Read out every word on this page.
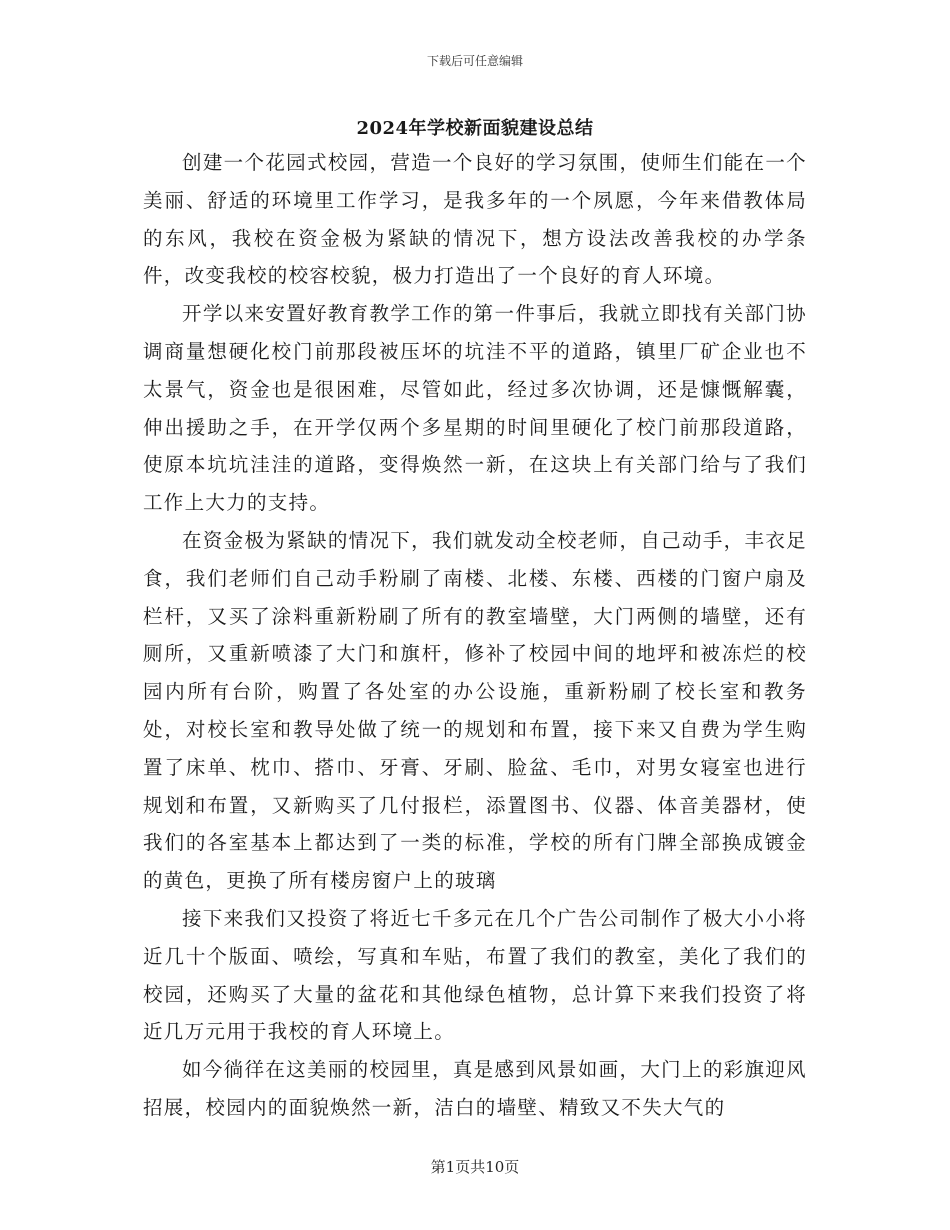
下载后可任意编辑
2024年学校新面貌建设总结

创建一个花园式校园，营造一个良好的学习氛围，使师生们能在一个美丽、舒适的环境里工作学习，是我多年的一个夙愿，今年来借教体局的东风，我校在资金极为紧缺的情况下，想方设法改善我校的办学条件，改变我校的校容校貌，极力打造出了一个良好的育人环境。

开学以来安置好教育教学工作的第一件事后，我就立即找有关部门协调商量想硬化校门前那段被压坏的坑洼不平的道路，镇里厂矿企业也不太景气，资金也是很困难，尽管如此，经过多次协调，还是慷慨解囊，伸出援助之手，在开学仅两个多星期的时间里硬化了校门前那段道路，使原本坑坑洼洼的道路，变得焕然一新，在这块上有关部门给与了我们工作上大力的支持。

在资金极为紧缺的情况下，我们就发动全校老师，自己动手，丰衣足食，我们老师们自己动手粉刷了南楼、北楼、东楼、西楼的门窗户扇及栏杆，又买了涂料重新粉刷了所有的教室墙壁，大门两侧的墙壁，还有厕所，又重新喷漆了大门和旗杆，修补了校园中间的地坪和被冻烂的校园内所有台阶，购置了各处室的办公设施，重新粉刷了校长室和教务处，对校长室和教导处做了统一的规划和布置，接下来又自费为学生购置了床单、枕巾、搭巾、牙膏、牙刷、脸盆、毛巾，对男女寝室也进行规划和布置，又新购买了几付报栏，添置图书、仪器、体音美器材，使我们的各室基本上都达到了一类的标准，学校的所有门牌全部换成镀金的黄色，更换了所有楼房窗户上的玻璃

接下来我们又投资了将近七千多元在几个广告公司制作了极大小小将近几十个版面、喷绘，写真和车贴，布置了我们的教室，美化了我们的校园，还购买了大量的盆花和其他绿色植物，总计算下来我们投资了将近几万元用于我校的育人环境上。

如今徜徉在这美丽的校园里，真是感到风景如画，大门上的彩旗迎风招展，校园内的面貌焕然一新，洁白的墙壁、精致又不失大气的

第1页共10页
